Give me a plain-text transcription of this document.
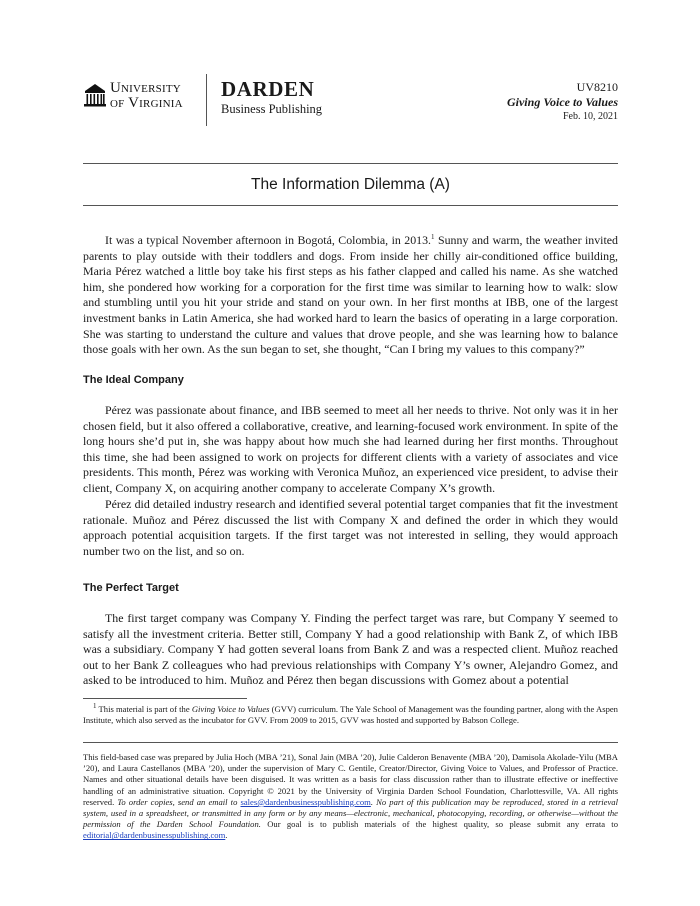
University
of Virginia
DARDEN
Business Publishing
UV8210
Giving Voice to Values
Feb. 10, 2021
The Information Dilemma (A)

It was a typical November afternoon in Bogotá, Colombia, in 2013.$^1$ Sunny and warm, the weather invited parents to play outside with their toddlers and dogs. From inside her chilly air-conditioned office building, Maria Pérez watched a little boy take his first steps as his father clapped and called his name. As she watched him, she pondered how working for a corporation for the first time was similar to learning how to walk: slow and stumbling until you hit your stride and stand on your own. In her first months at IBB, one of the largest investment banks in Latin America, she had worked hard to learn the basics of operating in a large corporation. She was starting to understand the culture and values that drove people, and she was learning how to balance those goals with her own. As the sun began to set, she thought, “Can I bring my values to this company?”

The Ideal Company

Pérez was passionate about finance, and IBB seemed to meet all her needs to thrive. Not only was it in her chosen field, but it also offered a collaborative, creative, and learning-focused work environment. In spite of the long hours she’d put in, she was happy about how much she had learned during her first months. Throughout this time, she had been assigned to work on projects for different clients with a variety of associates and vice presidents. This month, Pérez was working with Veronica Muñoz, an experienced vice president, to advise their client, Company X, on acquiring another company to accelerate Company X’s growth.

Pérez did detailed industry research and identified several potential target companies that fit the investment rationale. Muñoz and Pérez discussed the list with Company X and defined the order in which they would approach potential acquisition targets. If the first target was not interested in selling, they would approach number two on the list, and so on.

The Perfect Target

The first target company was Company Y. Finding the perfect target was rare, but Company Y seemed to satisfy all the investment criteria. Better still, Company Y had a good relationship with Bank Z, of which IBB was a subsidiary. Company Y had gotten several loans from Bank Z and was a respected client. Muñoz reached out to her Bank Z colleagues who had previous relationships with Company Y’s owner, Alejandro Gomez, and asked to be introduced to him. Muñoz and Pérez then began discussions with Gomez about a potential

$^1$ This material is part of the Giving Voice to Values (GVV) curriculum. The Yale School of Management was the founding partner, along with the Aspen Institute, which also served as the incubator for GVV. From 2009 to 2015, GVV was hosted and supported by Babson College.

This field-based case was prepared by Julia Hoch (MBA ’21), Sonal Jain (MBA ’20), Julie Calderon Benavente (MBA ’20), Damisola Akolade-Yilu (MBA ’20), and Laura Castellanos (MBA ’20), under the supervision of Mary C. Gentile, Creator/Director, Giving Voice to Values, and Professor of Practice. Names and other situational details have been disguised. It was written as a basis for class discussion rather than to illustrate effective or ineffective handling of an administrative situation. Copyright © 2021 by the University of Virginia Darden School Foundation, Charlottesville, VA. All rights reserved. To order copies, send an email to sales@dardenbusinesspublishing.com. No part of this publication may be reproduced, stored in a retrieval system, used in a spreadsheet, or transmitted in any form or by any means—electronic, mechanical, photocopying, recording, or otherwise—without the permission of the Darden School Foundation. Our goal is to publish materials of the highest quality, so please submit any errata to editorial@dardenbusinesspublishing.com.
